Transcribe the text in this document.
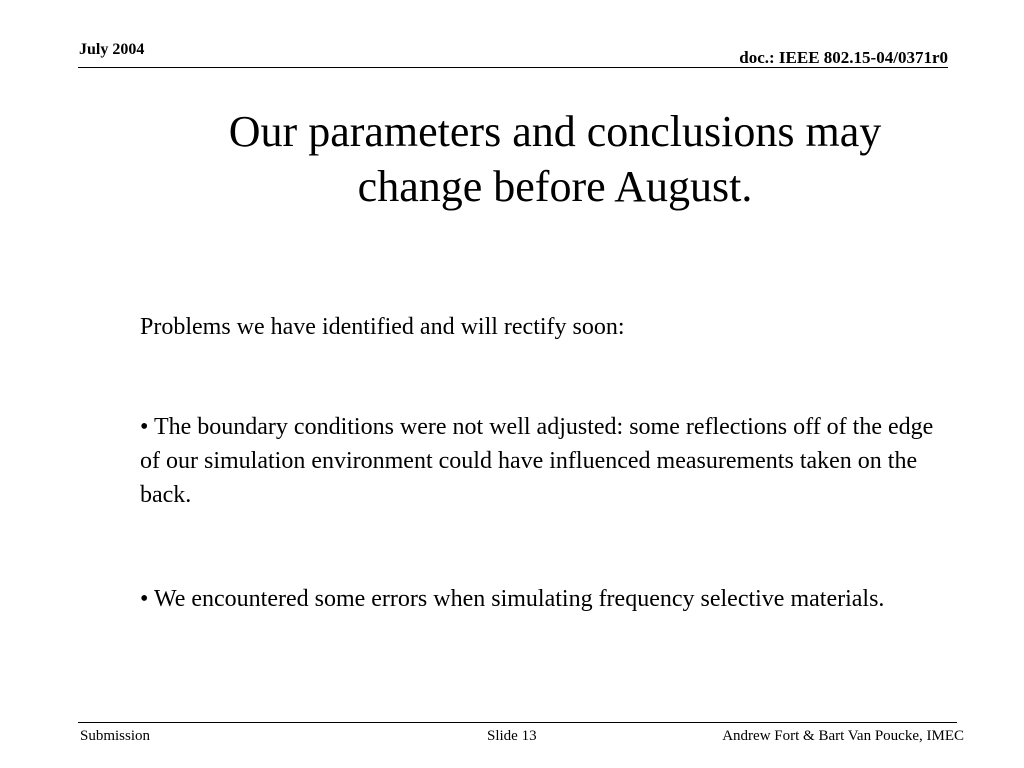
July 2004	doc.: IEEE 802.15-04/0371r0
Our parameters and conclusions may
change before August.
Problems we have identified and will rectify soon:
• The boundary conditions were not well adjusted: some reflections off of the edge of our simulation environment could have influenced measurements taken on the back.
• We encountered some errors when simulating frequency selective materials.
Submission	Slide 13	Andrew Fort & Bart Van Poucke, IMEC
